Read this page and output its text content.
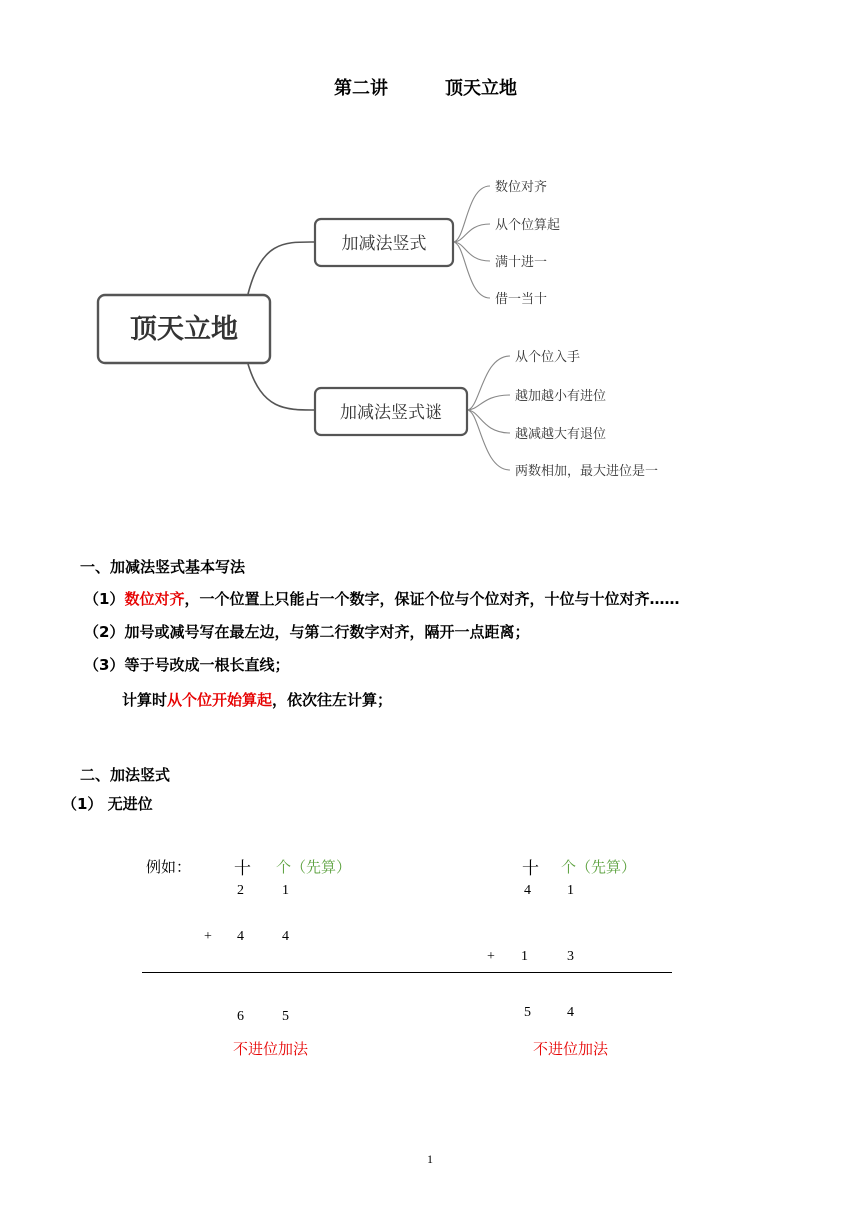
第二讲	顶天立地
顶天立地
加减法竖式
加减法竖式谜
数位对齐
从个位算起
满十进一
借一当十
从个位入手
越加越小有进位
越减越大有退位
两数相加，最大进位是一
一、加减法竖式基本写法
（1）数位对齐，一个位置上只能占一个数字，保证个位与个位对齐，十位与十位对齐……
（2）加号或减号写在最左边，与第二行数字对齐，隔开一点距离；
（3）等于号改成一根长直线；
计算时从个位开始算起，依次往左计算；
二、加法竖式
（1） 无进位
例如：	十 个（先算）
2	1
+ 4	4
6	5
不进位加法
十 个（先算）
4	1
+ 1	3
5	4
不进位加法
1
